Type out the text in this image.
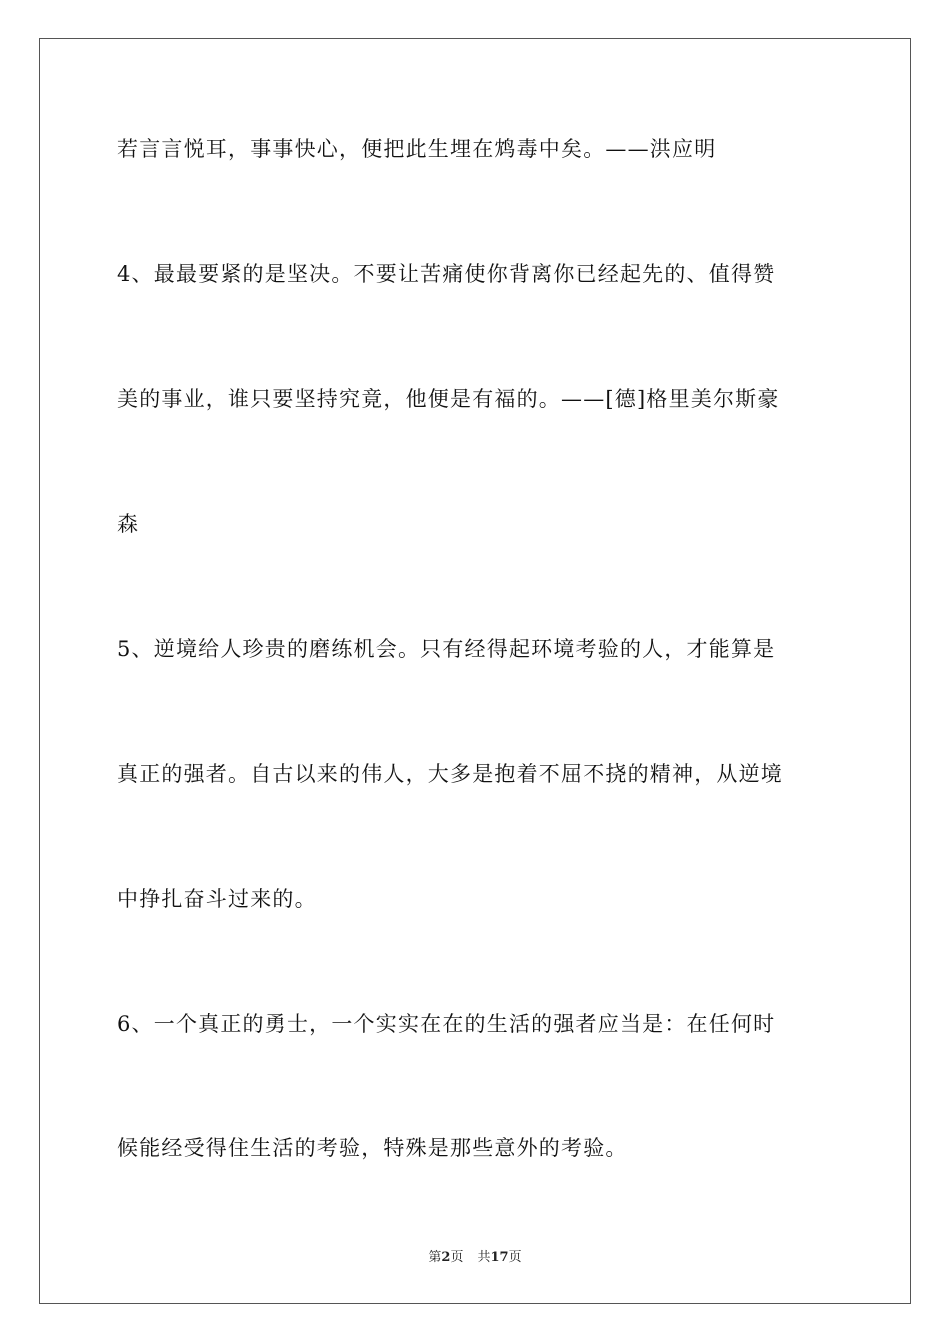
若言言悦耳，事事快心，便把此生埋在鸩毒中矣。——洪应明
4、最最要紧的是坚决。不要让苦痛使你背离你已经起先的、值得赞
美的事业，谁只要坚持究竟，他便是有福的。——[德]格里美尔斯豪
森
5、逆境给人珍贵的磨练机会。只有经得起环境考验的人，才能算是
真正的强者。自古以来的伟人，大多是抱着不屈不挠的精神，从逆境
中挣扎奋斗过来的。
6、一个真正的勇士，一个实实在在的生活的强者应当是：在任何时
候能经受得住生活的考验，特殊是那些意外的考验。
第2页 共17页
